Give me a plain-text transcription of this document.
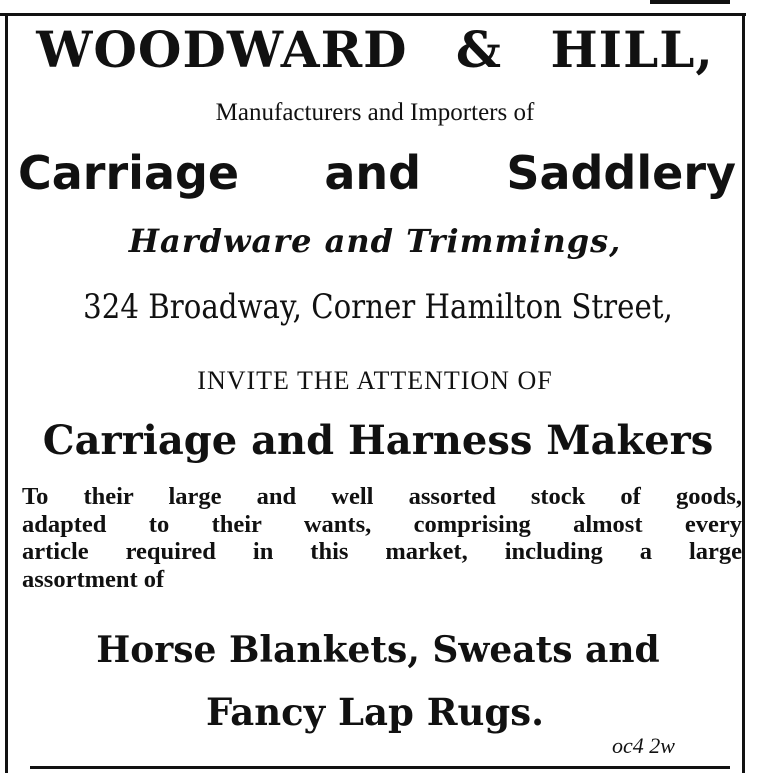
WOODWARD & HILL,
Manufacturers and Importers of
Carriage and Saddlery
Hardware and Trimmings,
324 Broadway, Corner Hamilton Street,
INVITE THE ATTENTION OF
Carriage and Harness Makers
To their large and well assorted stock of goods,
adapted to their wants, comprising almost every
article required in this market, including a large
assortment of
Horse Blankets, Sweats and
Fancy Lap Rugs.
oc4 2w
